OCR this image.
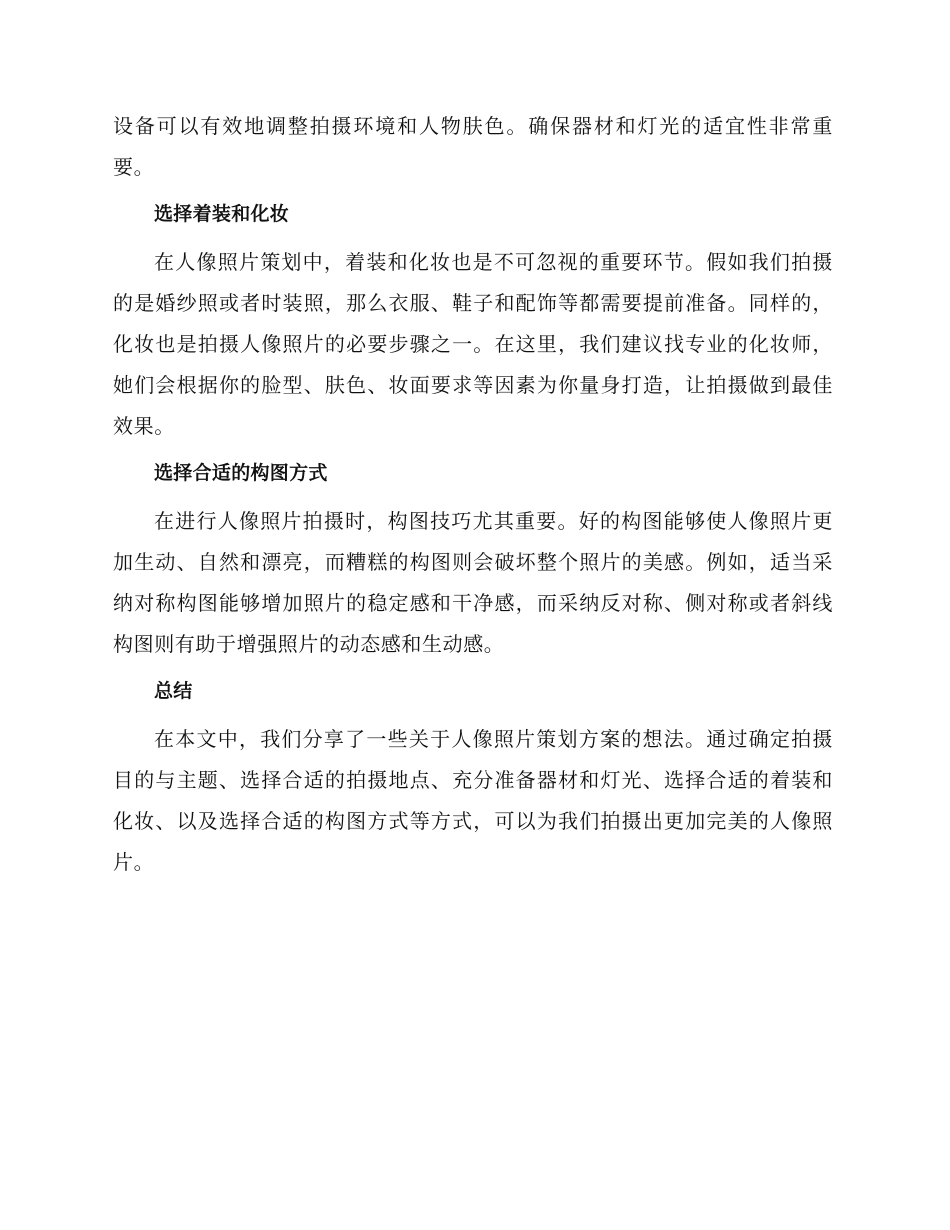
设备可以有效地调整拍摄环境和人物肤色。确保器材和灯光的适宜性非常重要。

选择着装和化妆

在人像照片策划中，着装和化妆也是不可忽视的重要环节。假如我们拍摄的是婚纱照或者时装照，那么衣服、鞋子和配饰等都需要提前准备。同样的，化妆也是拍摄人像照片的必要步骤之一。在这里，我们建议找专业的化妆师，她们会根据你的脸型、肤色、妆面要求等因素为你量身打造，让拍摄做到最佳效果。

选择合适的构图方式

在进行人像照片拍摄时，构图技巧尤其重要。好的构图能够使人像照片更加生动、自然和漂亮，而糟糕的构图则会破坏整个照片的美感。例如，适当采纳对称构图能够增加照片的稳定感和干净感，而采纳反对称、侧对称或者斜线构图则有助于增强照片的动态感和生动感。

总结

在本文中，我们分享了一些关于人像照片策划方案的想法。通过确定拍摄目的与主题、选择合适的拍摄地点、充分准备器材和灯光、选择合适的着装和化妆、以及选择合适的构图方式等方式，可以为我们拍摄出更加完美的人像照片。
